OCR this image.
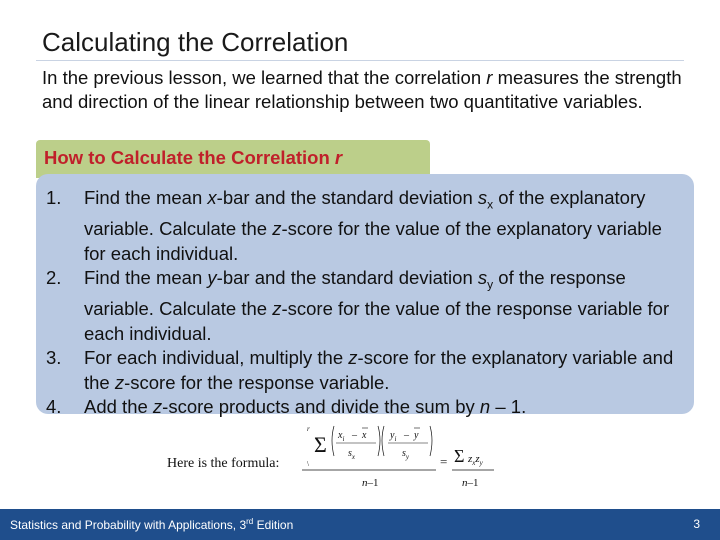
Calculating the Correlation
In the previous lesson, we learned that the correlation r measures the strength and direction of the linear relationship between two quantitative variables.
How to Calculate the Correlation r
1. Find the mean x-bar and the standard deviation $s_x$ of the explanatory variable. Calculate the z-score for the value of the explanatory variable for each individual.
2. Find the mean y-bar and the standard deviation $s_y$ of the response variable. Calculate the z-score for the value of the response variable for each individual.
3. For each individual, multiply the z-score for the explanatory variable and the z-score for the response variable.
4. Add the z-score products and divide the sum by n – 1.
Here is the formula:
Σ
r
\
$x_i$ – x
$s_x$
$y_i$ – y
$s_y$
n–1
= Σ $z_xz_y$
n–1
Statistics and Probability with Applications, 3rd Edition	3
